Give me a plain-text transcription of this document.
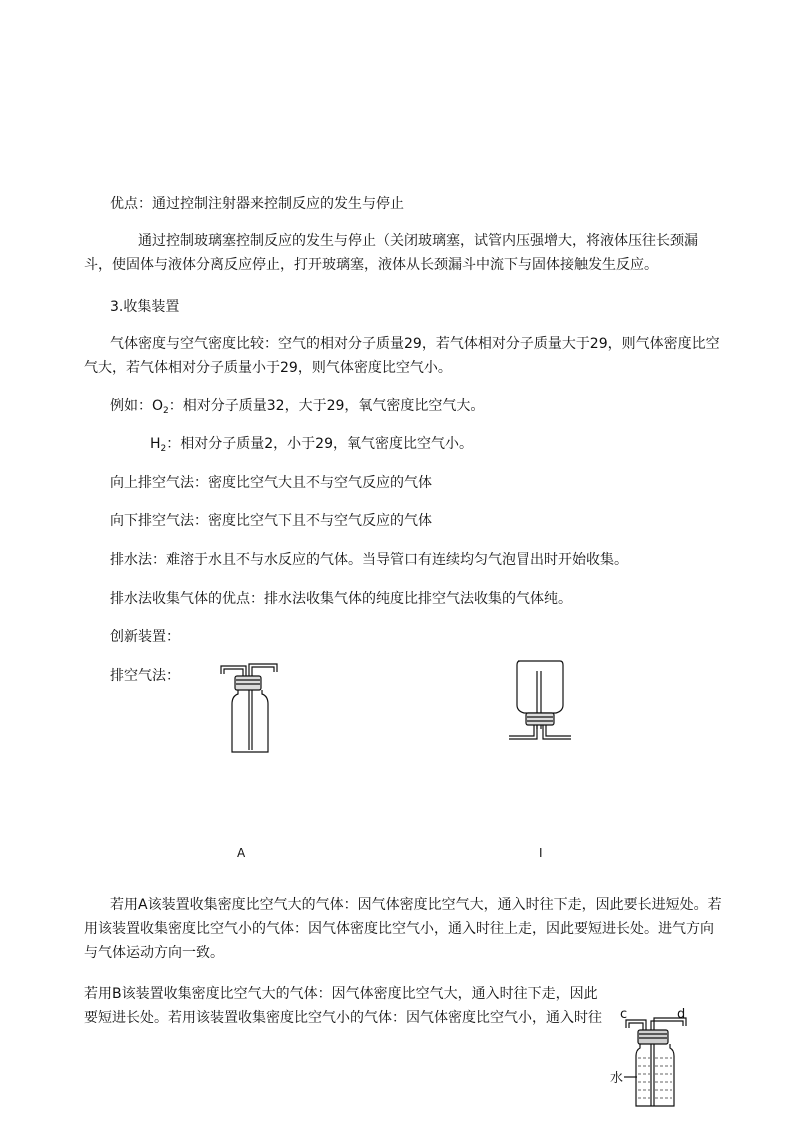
优点：通过控制注射器来控制反应的发生与停止
通过控制玻璃塞控制反应的发生与停止（关闭玻璃塞，试管内压强增大，将液体压往长颈漏斗，使固体与液体分离反应停止，打开玻璃塞，液体从长颈漏斗中流下与固体接触发生反应。
3.收集装置
气体密度与空气密度比较：空气的相对分子质量29，若气体相对分子质量大于29，则气体密度比空气大，若气体相对分子质量小于29，则气体密度比空气小。
例如：$O_2$：相对分子质量32，大于29，氧气密度比空气大。
$H_2$：相对分子质量2，小于29，氧气密度比空气小。
向上排空气法：密度比空气大且不与空气反应的气体
向下排空气法：密度比空气下且不与空气反应的气体
排水法：难溶于水且不与水反应的气体。当导管口有连续均匀气泡冒出时开始收集。
排水法收集气体的优点：排水法收集气体的纯度比排空气法收集的气体纯。
创新装置：
排空气法：
A	I
若用A该装置收集密度比空气大的气体：因气体密度比空气大，通入时往下走，因此要长进短处。若用该装置收集密度比空气小的气体：因气体密度比空气小，通入时往上走，因此要短进长处。进气方向与气体运动方向一致。
若用B该装置收集密度比空气大的气体：因气体密度比空气大，通入时往下走，因此要短进长处。若用该装置收集密度比空气小的气体：因气体密度比空气小，通入时往 c	d
水
